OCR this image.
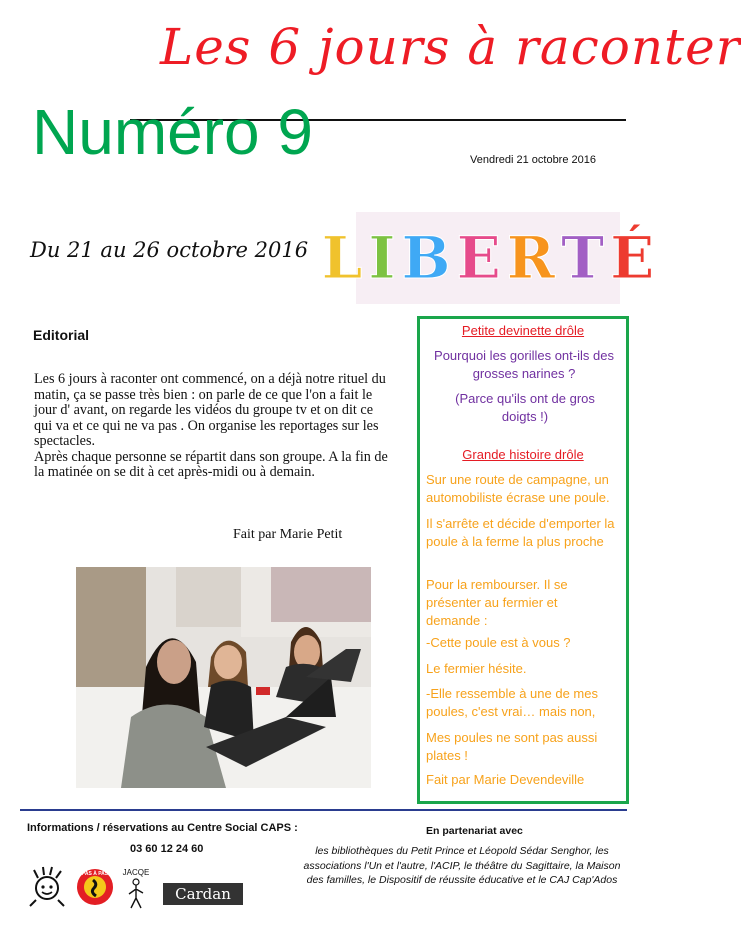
Les 6 jours à raconter
Numéro 9	Vendredi 21 octobre 2016
Du 21 au 26 octobre 2016 L I B E R T É
Editorial

Les 6 jours à raconter ont commencé, on a déjà notre rituel du matin, ça se passe très bien : on parle de ce que l'on a fait le jour d' avant, on regarde les vidéos du groupe tv et on dit ce qui va et ce qui ne va pas . On organise les reportages sur les spectacles.

Après chaque personne se répartit dans son groupe. A la fin de la matinée on se dit à cet après-midi ou à demain.

Fait par Marie Petit
Petite devinette drôle
Pourquoi les gorilles ont-ils des grosses narines ?
(Parce qu'ils ont de gros doigts !)
Grande histoire drôle
Sur une route de campagne, un automobiliste écrase une poule.
Il s'arrête et décide d'emporter la poule à la ferme la plus proche
Pour la rembourser. Il se présenter au fermier et demande :
-Cette poule est à vous ?
Le fermier hésite.
-Elle ressemble à une de mes poules, c'est vrai… mais non,
Mes poules ne sont pas aussi plates !
Fait par Marie Devendeville
Informations / réservations au Centre Social CAPS :
03 60 12 24 60
En partenariat avec
les bibliothèques du Petit Prince et Léopold Sédar Senghor, les associations l'Un et l'autre, l'ACIP, le théâtre du Sagittaire, la Maison des familles, le Dispositif de réussite éducative et le CAJ Cap'Ados
PAS À PAS JACQE
Cardan
